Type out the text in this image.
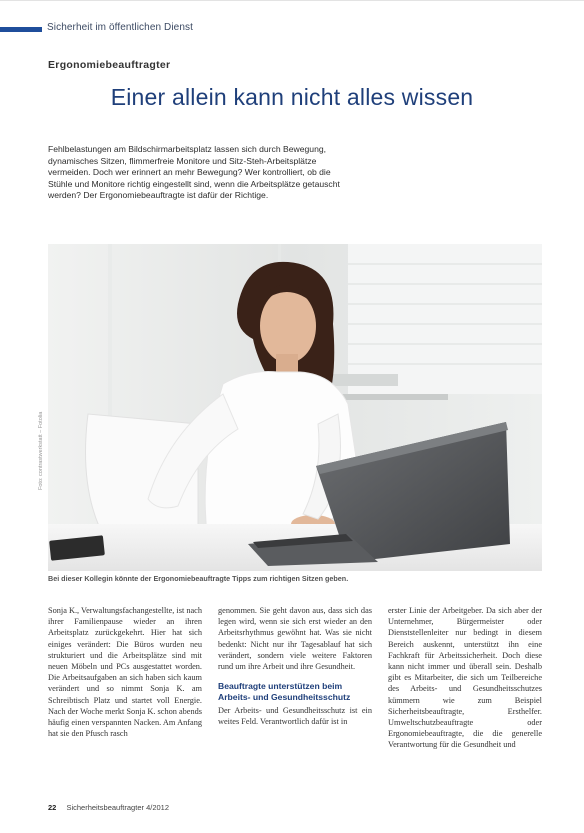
Sicherheit im öffentlichen Dienst
Ergonomiebeauftragter
Einer allein kann nicht alles wissen

Fehlbelastungen am Bildschirmarbeitsplatz lassen sich durch Bewegung,

dynamisches Sitzen, flimmerfreie Monitore und Sitz-Steh-Arbeitsplätze

vermeiden. Doch wer erinnert an mehr Bewegung? Wer kontrolliert, ob die

Stühle und Monitore richtig eingestellt sind, wenn die Arbeitsplätze getauscht

werden? Der Ergonomiebeauftragte ist dafür der Richtige.

Foto: contrastwerkstatt – Fotolia
Bei dieser Kollegin könnte der Ergonomiebeauftragte Tipps zum richtigen Sitzen geben.

Sonja K., Verwaltungsfachangestellte, ist nach ihrer Familienpause wieder an ihren Arbeitsplatz zurückgekehrt. Hier hat sich einiges verändert: Die Büros wurden neu strukturiert und die Arbeitsplätze sind mit neuen Möbeln und PCs ausgestattet worden. Die Arbeitsaufgaben an sich haben sich kaum verändert und so nimmt Sonja K. am Schreibtisch Platz und startet voll Energie. Nach der Woche merkt Sonja K. schon abends häufig einen verspannten Nacken. Am Anfang hat sie den Pfusch rasch

genommen. Sie geht davon aus, dass sich das legen wird, wenn sie sich erst wieder an den Arbeitsrhythmus gewöhnt hat. Was sie nicht bedenkt: Nicht nur ihr Tagesablauf hat sich verändert, sondern viele weitere Faktoren rund um ihre Arbeit und ihre Gesundheit.

Beauftragte unterstützen beim Arbeits- und Gesundheitsschutz

Der Arbeits- und Gesundheitsschutz ist ein weites Feld. Verantwortlich dafür ist in

erster Linie der Arbeitgeber. Da sich aber der Unternehmer, Bürgermeister oder Dienststellenleiter nur bedingt in diesem Bereich auskennt, unterstützt ihn eine Fachkraft für Arbeitssicherheit. Doch diese kann nicht immer und überall sein. Deshalb gibt es Mitarbeiter, die sich um Teilbereiche des Arbeits- und Gesundheitsschutzes kümmern wie zum Beispiel Sicherheitsbeauftragte, Ersthelfer. Umweltschutzbeauftragte oder Ergonomiebeauftragte, die die generelle Verantwortung für die Gesundheit und

22 Sicherheitsbeauftragter 4/2012
